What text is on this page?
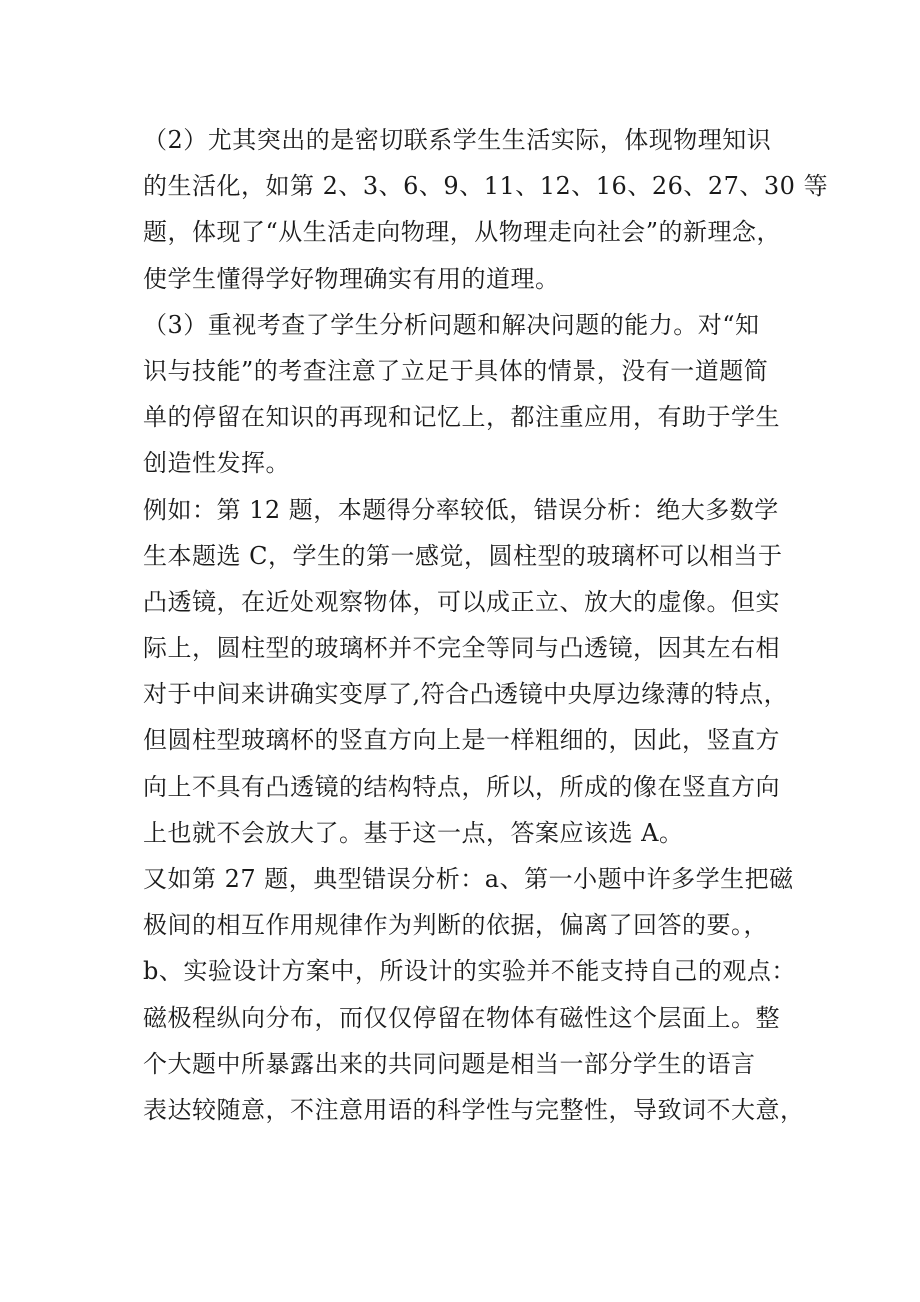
（2）尤其突出的是密切联系学生生活实际，体现物理知识
的生活化，如第 2、3、6、9、11、12、16、26、27、30 等
题，体现了“从生活走向物理，从物理走向社会”的新理念，
使学生懂得学好物理确实有用的道理。
（3）重视考查了学生分析问题和解决问题的能力。对“知
识与技能”的考查注意了立足于具体的情景，没有一道题简
单的停留在知识的再现和记忆上，都注重应用，有助于学生
创造性发挥。
例如：第 12 题，本题得分率较低，错误分析：绝大多数学
生本题选 C，学生的第一感觉，圆柱型的玻璃杯可以相当于
凸透镜，在近处观察物体，可以成正立、放大的虚像。但实
际上，圆柱型的玻璃杯并不完全等同与凸透镜，因其左右相
对于中间来讲确实变厚了,符合凸透镜中央厚边缘薄的特点，
但圆柱型玻璃杯的竖直方向上是一样粗细的，因此，竖直方
向上不具有凸透镜的结构特点，所以，所成的像在竖直方向
上也就不会放大了。基于这一点，答案应该选 A。
又如第 27 题，典型错误分析：a、第一小题中许多学生把磁
极间的相互作用规律作为判断的依据，偏离了回答的要。，
b、实验设计方案中，所设计的实验并不能支持自己的观点：
磁极程纵向分布，而仅仅停留在物体有磁性这个层面上。整
个大题中所暴露出来的共同问题是相当一部分学生的语言
表达较随意，不注意用语的科学性与完整性，导致词不大意，
